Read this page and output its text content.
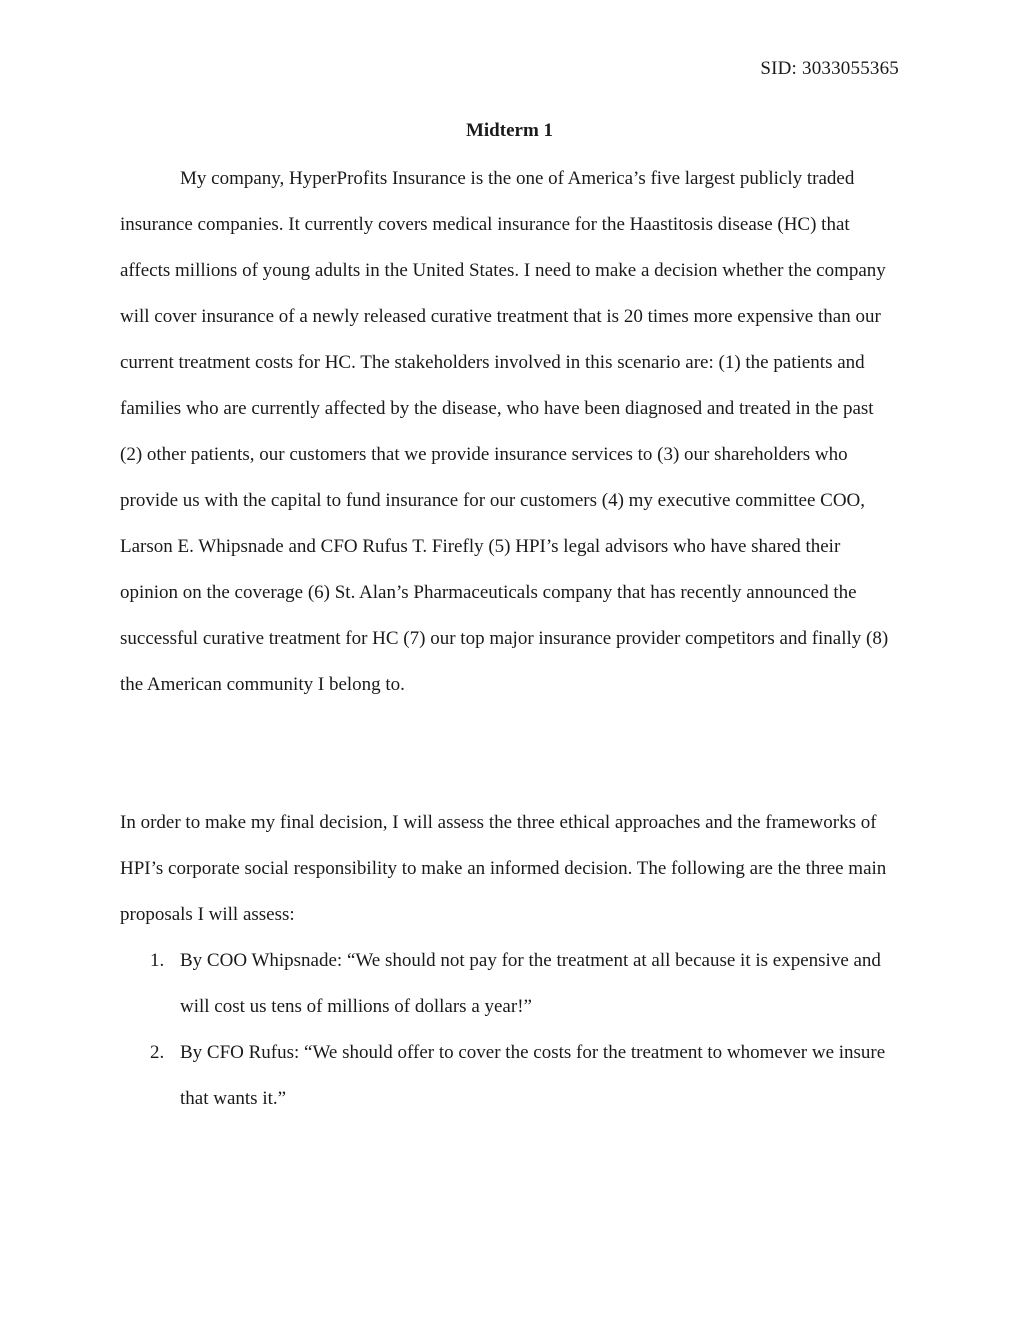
SID: 3033055365
Midterm 1

My company, HyperProfits Insurance is the one of America’s five largest publicly traded insurance companies. It currently covers medical insurance for the Haastitosis disease (HC) that affects millions of young adults in the United States. I need to make a decision whether the company will cover insurance of a newly released curative treatment that is 20 times more expensive than our current treatment costs for HC. The stakeholders involved in this scenario are: (1) the patients and families who are currently affected by the disease, who have been diagnosed and treated in the past (2) other patients, our customers that we provide insurance services to (3) our shareholders who provide us with the capital to fund insurance for our customers (4) my executive committee COO, Larson E. Whipsnade and CFO Rufus T. Firefly (5) HPI’s legal advisors who have shared their opinion on the coverage (6) St. Alan’s Pharmaceuticals company that has recently announced the successful curative treatment for HC (7) our top major insurance provider competitors and finally (8) the American community I belong to.

In order to make my final decision, I will assess the three ethical approaches and the frameworks of HPI’s corporate social responsibility to make an informed decision. The following are the three main proposals I will assess:

1. By COO Whipsnade: “We should not pay for the treatment at all because it is expensive and will cost us tens of millions of dollars a year!”
2. By CFO Rufus: “We should offer to cover the costs for the treatment to whomever we insure that wants it.”
